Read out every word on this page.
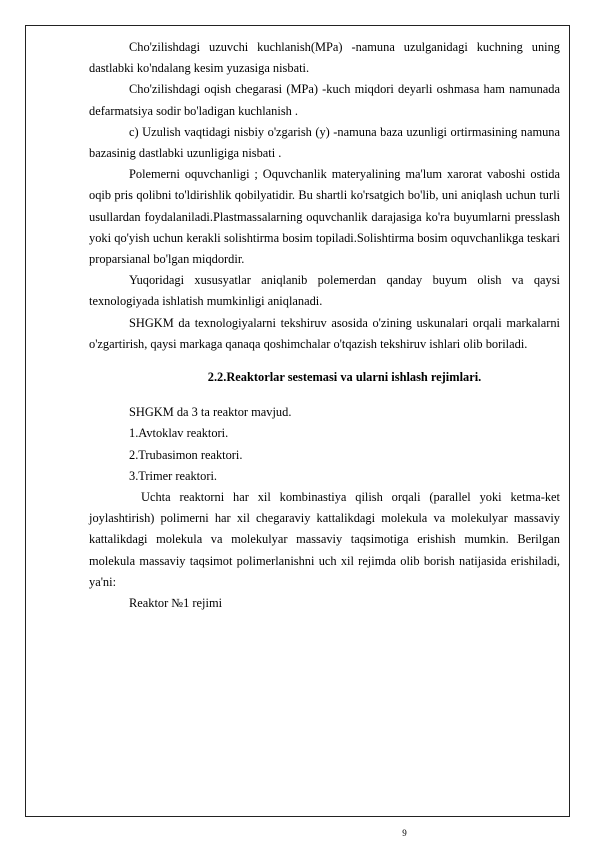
Cho'zilishdagi uzuvchi kuchlanish(MPa) -namuna uzulganidagi kuchning uning dastlabki ko'ndalang kesim yuzasiga nisbati.

Cho'zilishdagi oqish chegarasi (MPa) -kuch miqdori deyarli oshmasa ham namunada defarmatsiya sodir bo'ladigan kuchlanish .

c) Uzulish vaqtidagi nisbiy o'zgarish (y) -namuna baza uzunligi ortirmasining namuna bazasinig dastlabki uzunligiga nisbati .

Polemerni oquvchanligi ; Oquvchanlik materyalining ma'lum xarorat vaboshi ostida oqib pris qolibni to'ldirishlik qobilyatidir. Bu shartli ko'rsatgich bo'lib, uni aniqlash uchun turli usullardan foydalaniladi.Plastmassalarning oquvchanlik darajasiga ko'ra buyumlarni presslash yoki qo'yish uchun kerakli solishtirma bosim topiladi.Solishtirma bosim oquvchanlikga teskari proparsianal bo'lgan miqdordir.

Yuqoridagi xususyatlar aniqlanib polemerdan qanday buyum olish va qaysi texnologiyada ishlatish mumkinligi aniqlanadi.

SHGKM da texnologiyalarni tekshiruv asosida o'zining uskunalari orqali markalarni o'zgartirish, qaysi markaga qanaqa qoshimchalar o'tqazish tekshiruv ishlari olib boriladi.

2.2.Reaktorlar sestemasi va ularni ishlash rejimlari.

SHGKM da 3 ta reaktor mavjud.

1.Avtoklav reaktori.

2.Trubasimon reaktori.

3.Trimer reaktori.

Uchta reaktorni har xil kombinastiya qilish orqali (parallel yoki ketma-ket joylashtirish) polimerni har xil chegaraviy kattalikdagi molekula va molekulyar massaviy kattalikdagi molekula va molekulyar massaviy taqsimotiga erishish mumkin. Berilgan molekula massaviy taqsimot polimerlanishni uch xil rejimda olib borish natijasida erishiladi, ya'ni:

Reaktor №1 rejimi

9
